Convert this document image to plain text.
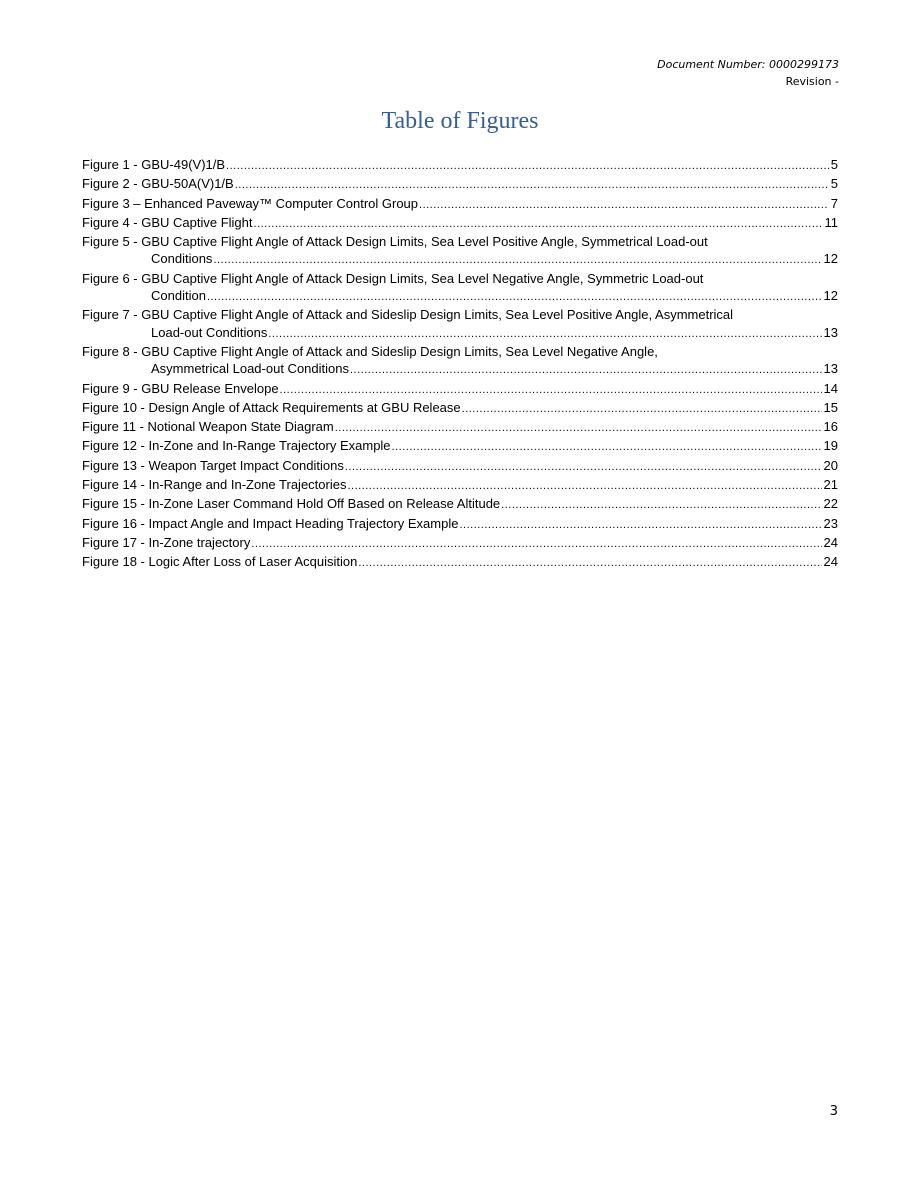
Document Number: 0000299173
Revision -
Table of Figures
Figure 1 - GBU-49(V)1/B .....	5
Figure 2 - GBU-50A(V)1/B .....	5
Figure 3 – Enhanced Paveway™ Computer Control Group .....	7
Figure 4 - GBU Captive Flight .....	11
Figure 5 - GBU Captive Flight Angle of Attack Design Limits, Sea Level Positive Angle, Symmetrical Load-out
Conditions .....	12
Figure 6 - GBU Captive Flight Angle of Attack Design Limits, Sea Level Negative Angle, Symmetric Load-out
Condition .....	12
Figure 7 - GBU Captive Flight Angle of Attack and Sideslip Design Limits, Sea Level Positive Angle, Asymmetrical
Load-out Conditions .....	13
Figure 8 - GBU Captive Flight Angle of Attack and Sideslip Design Limits, Sea Level Negative Angle,
Asymmetrical Load-out Conditions .....	13
Figure 9 - GBU Release Envelope .....	14
Figure 10 - Design Angle of Attack Requirements at GBU Release .....	15
Figure 11 - Notional Weapon State Diagram .....	16
Figure 12 - In-Zone and In-Range Trajectory Example .....	19
Figure 13 - Weapon Target Impact Conditions .....	20
Figure 14 - In-Range and In-Zone Trajectories .....	21
Figure 15 - In-Zone Laser Command Hold Off Based on Release Altitude .....	22
Figure 16 - Impact Angle and Impact Heading Trajectory Example .....	23
Figure 17 - In-Zone trajectory .....	24
Figure 18 - Logic After Loss of Laser Acquisition .....	24
3
